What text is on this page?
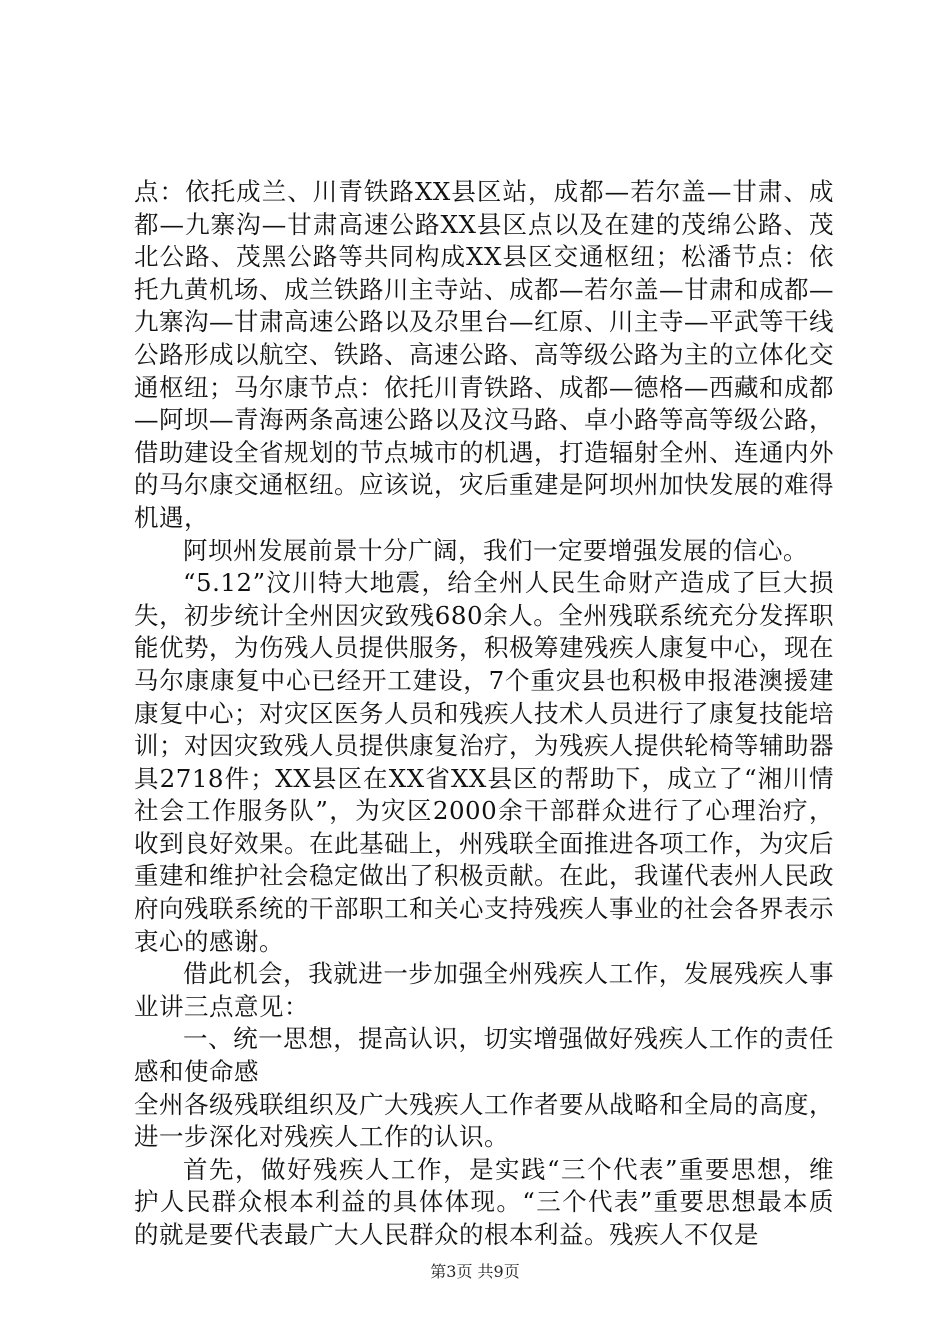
点：依托成兰、川青铁路XX县区站，成都—若尔盖—甘肃、成都—九寨沟—甘肃高速公路XX县区点以及在建的茂绵公路、茂北公路、茂黑公路等共同构成XX县区交通枢纽；松潘节点：依托九黄机场、成兰铁路川主寺站、成都—若尔盖—甘肃和成都—九寨沟—甘肃高速公路以及尕里台—红原、川主寺—平武等干线公路形成以航空、铁路、高速公路、高等级公路为主的立体化交通枢纽；马尔康节点：依托川青铁路、成都—德格—西藏和成都—阿坝—青海两条高速公路以及汶马路、卓小路等高等级公路，借助建设全省规划的节点城市的机遇，打造辐射全州、连通内外的马尔康交通枢纽。应该说，灾后重建是阿坝州加快发展的难得机遇，

阿坝州发展前景十分广阔，我们一定要增强发展的信心。

“5.12”汶川特大地震，给全州人民生命财产造成了巨大损失，初步统计全州因灾致残680余人。全州残联系统充分发挥职能优势，为伤残人员提供服务，积极筹建残疾人康复中心，现在马尔康康复中心已经开工建设，7个重灾县也积极申报港澳援建康复中心；对灾区医务人员和残疾人技术人员进行了康复技能培训；对因灾致残人员提供康复治疗，为残疾人提供轮椅等辅助器具2718件；XX县区在XX省XX县区的帮助下，成立了“湘川情社会工作服务队”，为灾区2000余干部群众进行了心理治疗，收到良好效果。在此基础上，州残联全面推进各项工作，为灾后重建和维护社会稳定做出了积极贡献。在此，我谨代表州人民政府向残联系统的干部职工和关心支持残疾人事业的社会各界表示衷心的感谢。

借此机会，我就进一步加强全州残疾人工作，发展残疾人事业讲三点意见：

一、统一思想，提高认识，切实增强做好残疾人工作的责任感和使命感

全州各级残联组织及广大残疾人工作者要从战略和全局的高度，进一步深化对残疾人工作的认识。

首先，做好残疾人工作，是实践“三个代表”重要思想，维护人民群众根本利益的具体体现。“三个代表”重要思想最本质的就是要代表最广大人民群众的根本利益。残疾人不仅是

第3页 共9页
